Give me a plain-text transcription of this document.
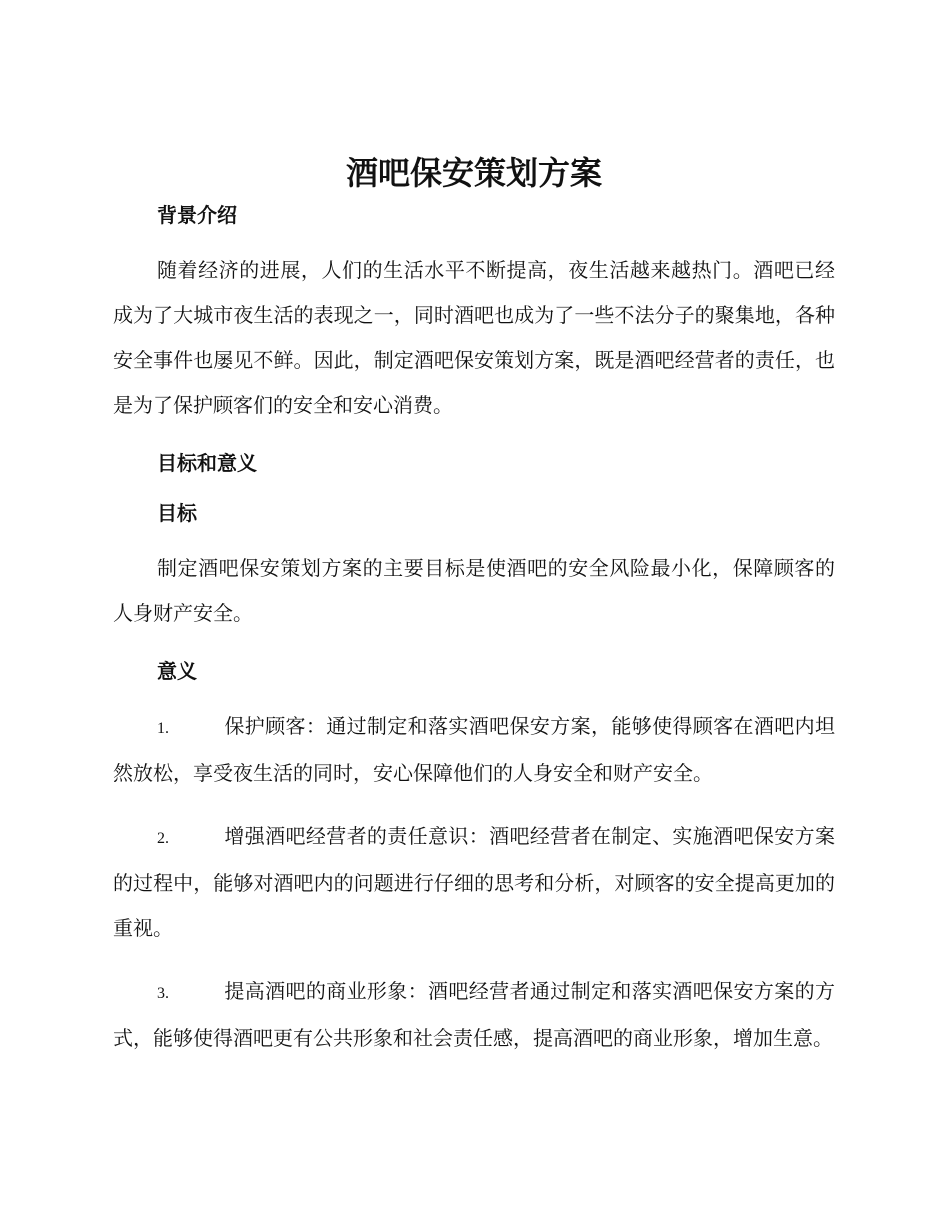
酒吧保安策划方案
背景介绍

随着经济的进展，人们的生活水平不断提高，夜生活越来越热门。酒吧已经成为了大城市夜生活的表现之一，同时酒吧也成为了一些不法分子的聚集地，各种安全事件也屡见不鲜。因此，制定酒吧保安策划方案，既是酒吧经营者的责任，也是为了保护顾客们的安全和安心消费。

目标和意义
目标

制定酒吧保安策划方案的主要目标是使酒吧的安全风险最小化，保障顾客的人身财产安全。

意义

1.	保护顾客：通过制定和落实酒吧保安方案，能够使得顾客在酒吧内坦然放松，享受夜生活的同时，安心保障他们的人身安全和财产安全。

2.	增强酒吧经营者的责任意识：酒吧经营者在制定、实施酒吧保安方案的过程中，能够对酒吧内的问题进行仔细的思考和分析，对顾客的安全提高更加的重视。

3.	提高酒吧的商业形象：酒吧经营者通过制定和落实酒吧保安方案的方式，能够使得酒吧更有公共形象和社会责任感，提高酒吧的商业形象，增加生意。
